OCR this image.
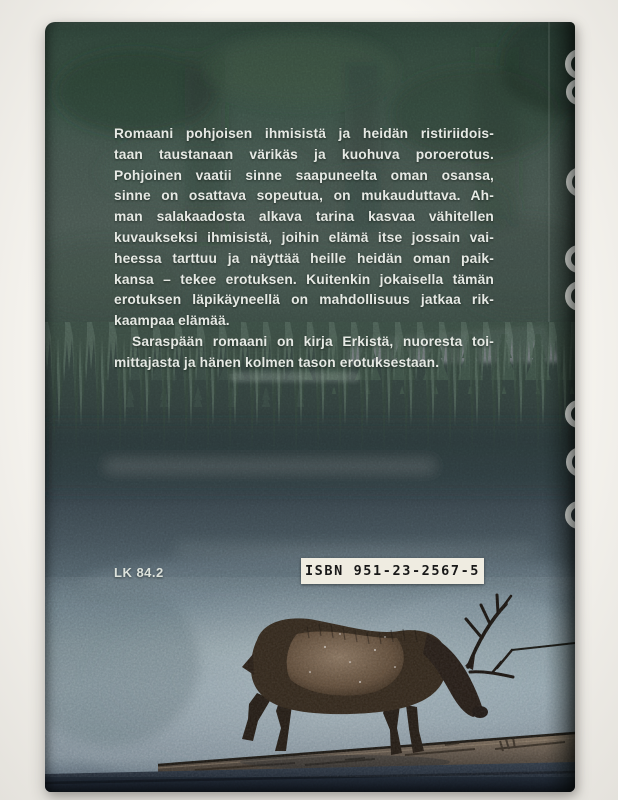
Romaani pohjoisen ihmisistä ja heidän ristiriidois-
taan taustanaan värikäs ja kuohuva poroerotus.
Pohjoinen vaatii sinne saapuneelta oman osansa,
sinne on osattava sopeutua, on mukauduttava. Ah-
man salakaadosta alkava tarina kasvaa vähitellen
kuvaukseksi ihmisistä, joihin elämä itse jossain vai-
heessa tarttuu ja näyttää heille heidän oman paik-
kansa – tekee erotuksen. Kuitenkin jokaisella tämän
erotuksen läpikäyneellä on mahdollisuus jatkaa rik-
kaampaa elämää.
Saraspään romaani on kirja Erkistä, nuoresta toi-
mittajasta ja hänen kolmen tason erotuksestaan.
LK 84.2	ISBN 951-23-2567-5
